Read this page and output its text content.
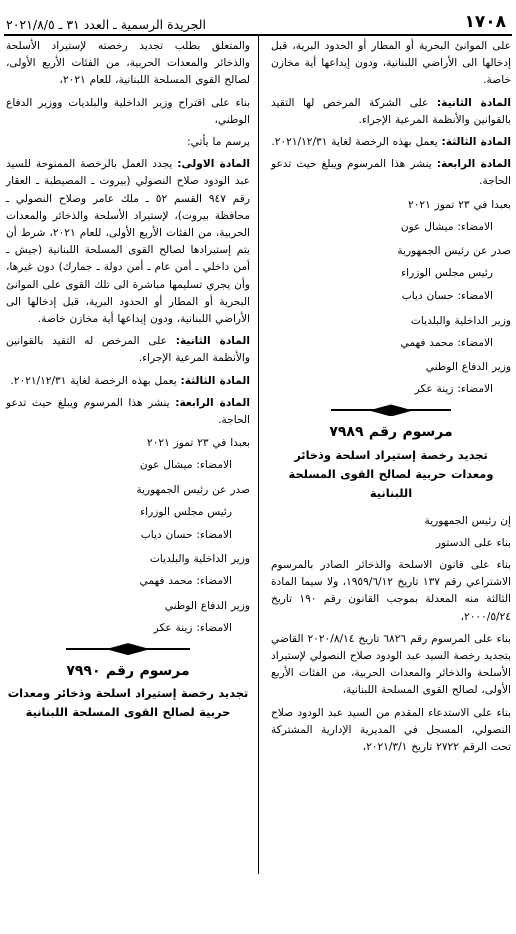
١٧٠٨
الجريدة الرسمية ـ العدد ٣١ ـ ٢٠٢١/٨/٥

على الموانئ البحرية أو المطار أو الحدود البرية، قبل إدخالها الى الأراضي اللبنانية، ودون إيداعها أية مخازن خاصة.

المادة الثانية: على الشركة المرخص لها التقيد بالقوانين والأنظمة المرعية الإجراء.

المادة الثالثة: يعمل بهذه الرخصة لغاية ٢٠٢١/١٢/٣١.

المادة الرابعة: ينشر هذا المرسوم ويبلغ حيث تدعو الحاجة.

بعبدا في ٢٣ تموز ٢٠٢١

الامضاء: ميشال عون

صدر عن رئيس الجمهورية

رئيس مجلس الوزراء

الامضاء: حسان دياب

وزير الداخلية والبلديات

الامضاء: محمد فهمي

وزير الدفاع الوطني

الامضاء: زينة عكر

مرسوم رقم ٧٩٨٩

تجديد رخصة إستيراد اسلحة وذخائر ومعدات حربية لصالح القوى المسلحة اللبنانية

إن رئيس الجمهورية

بناء على الدستور

بناء على قانون الاسلحة والذخائر الصادر بالمرسوم الاشتراعي رقم ١٣٧ تاريخ ١٩٥٩/٦/١٢، ولا سيما المادة الثالثة منه المعدلة بموجب القانون رقم ١٩٠ تاريخ ٢٠٠٠/٥/٢٤،

بناء على المرسوم رقم ٦٨٢٦ تاريخ ٢٠٢٠/٨/١٤ القاضي بتجديد رخصة السيد عبد الودود صلاح النصولي لإستيراد الأسلحة والذخائر والمعدات الحربية، من الفئات الأربع الأولى، لصالح القوى المسلحة اللبنانية،

بناء على الاستدعاء المقدم من السيد عبد الودود صلاح النصولي، المسجل في المديرية الإدارية المشتركة تحت الرقم ٢٧٢٢ تاريخ ٢٠٢١/٣/١،

والمتعلق بطلب تجديد رخصته لإستيراد الأسلحة والذخائر والمعدات الحربية، من الفئات الأربع الأولى، لصالح القوى المسلحة اللبنانية، للعام ٢٠٢١،

بناء على اقتراح وزير الداخلية والبلديات ووزير الدفاع الوطني،

يرسم ما يأتي:

المادة الاولى: يجدد العمل بالرخصة الممنوحة للسيد عبد الودود صلاح النصولي (بيروت ـ المصيطبة ـ العقار رقم ٩٤٧ القسم ٥٢ ـ ملك عامر وصلاح النصولي ـ محافظة بيروت)، لإستيراد الأسلحة والذخائر والمعدات الحربية، من الفئات الأربع الأولى، للعام ٢٠٢١، شرط أن يتم إستيرادها لصالح القوى المسلحة اللبنانية (جيش ـ أمن داخلي ـ أمن عام ـ أمن دولة ـ جمارك) دون غيرها، وأن يجري تسليمها مباشرة الى تلك القوى على الموانئ البحرية أو المطار أو الحدود البرية، قبل إدخالها الى الأراضي اللبنانية، ودون إيداعها أية مخازن خاصة.

المادة الثانية: على المرخص له التقيد بالقوانين والأنظمة المرعية الإجراء.

المادة الثالثة: يعمل بهذه الرخصة لغاية ٢٠٢١/١٢/٣١.

المادة الرابعة: ينشر هذا المرسوم ويبلغ حيث تدعو الحاجة.

بعبدا في ٢٣ تموز ٢٠٢١

الامضاء: ميشال عون

صدر عن رئيس الجمهورية

رئيس مجلس الوزراء

الامضاء: حسان دياب

وزير الداخلية والبلديات

الامضاء: محمد فهمي

وزير الدفاع الوطني

الامضاء: زينة عكر

مرسوم رقم ٧٩٩٠

تجديد رخصة إستيراد اسلحة وذخائر ومعدات حربية لصالح القوى المسلحة اللبنانية
